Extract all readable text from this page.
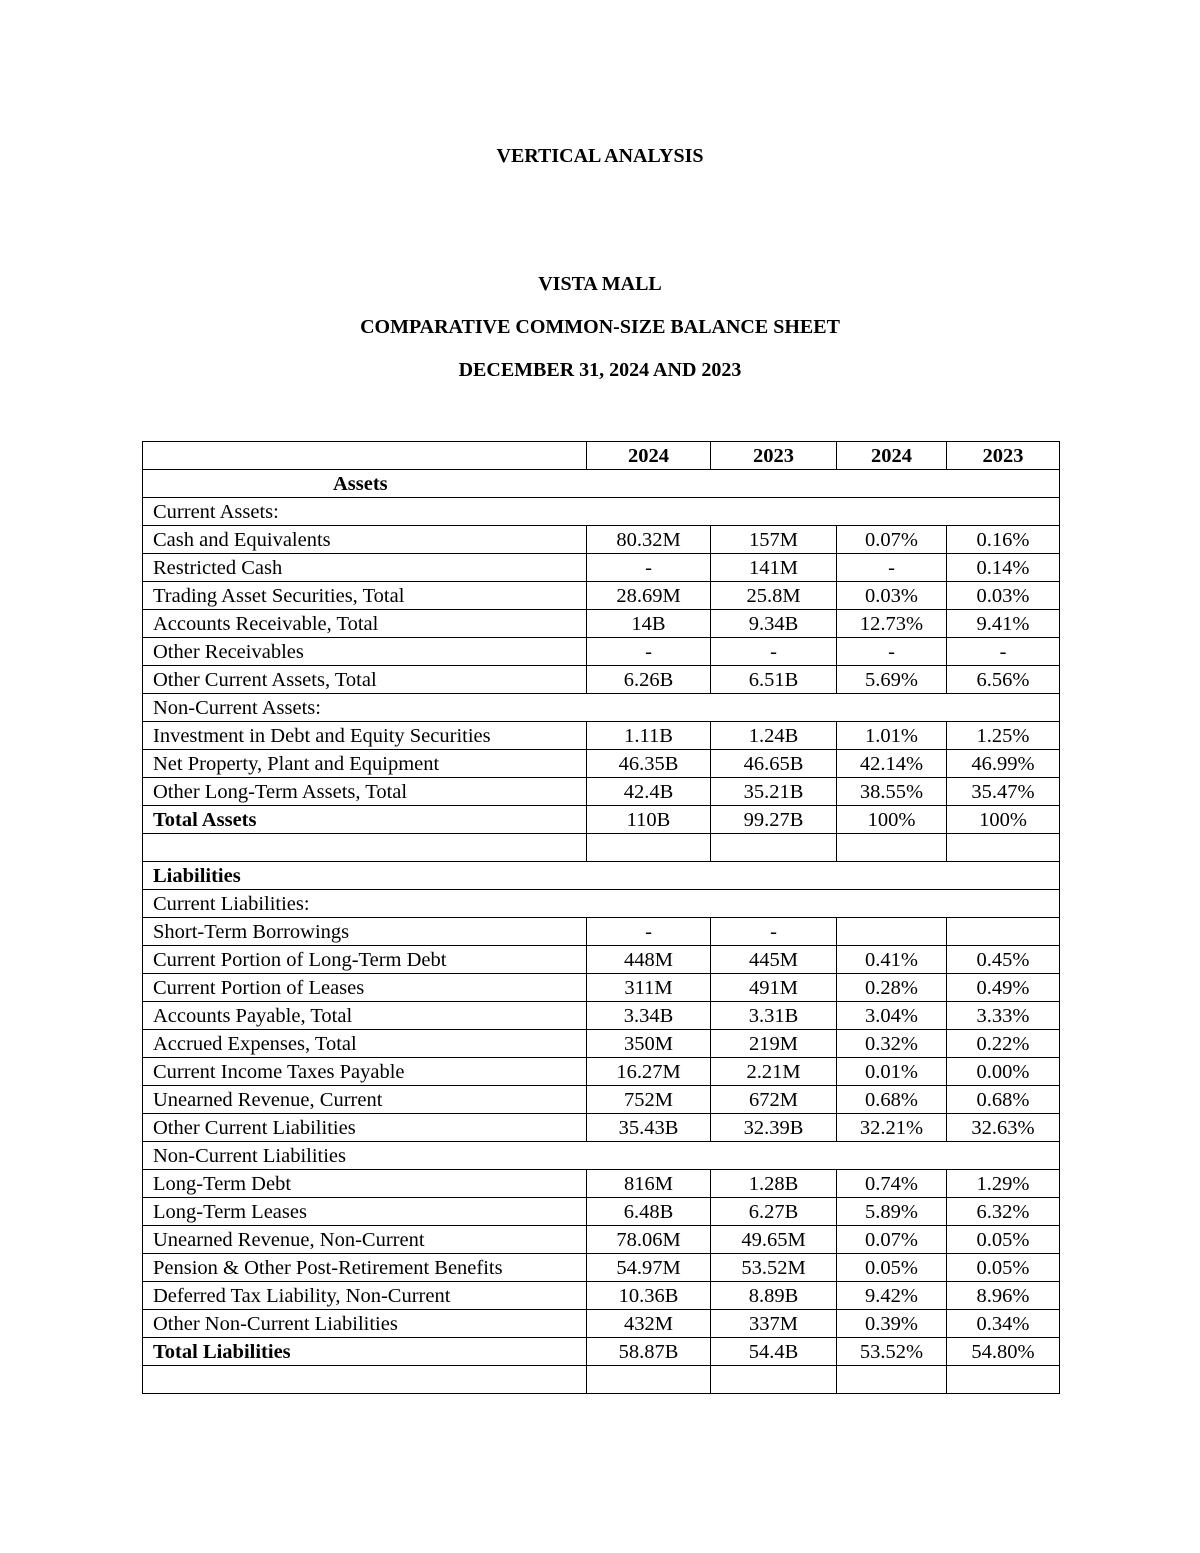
VERTICAL ANALYSIS
VISTA MALL
COMPARATIVE COMMON-SIZE BALANCE SHEET
DECEMBER 31, 2024 AND 2023
	2024	2023	2024	2023
Assets				
Current Assets:				
Cash and Equivalents	80.32M	157M	0.07%	0.16%
Restricted Cash	-	141M	-	0.14%
Trading Asset Securities, Total	28.69M	25.8M	0.03%	0.03%
Accounts Receivable, Total	14B	9.34B	12.73%	9.41%
Other Receivables	-	-	-	-
Other Current Assets, Total	6.26B	6.51B	5.69%	6.56%
Non-Current Assets:				
Investment in Debt and Equity Securities	1.11B	1.24B	1.01%	1.25%
Net Property, Plant and Equipment	46.35B	46.65B	42.14%	46.99%
Other Long-Term Assets, Total	42.4B	35.21B	38.55%	35.47%
Total Assets	110B	99.27B	100%	100%

Liabilities				
Current Liabilities:				
Short-Term Borrowings	-	-		
Current Portion of Long-Term Debt	448M	445M	0.41%	0.45%
Current Portion of Leases	311M	491M	0.28%	0.49%
Accounts Payable, Total	3.34B	3.31B	3.04%	3.33%
Accrued Expenses, Total	350M	219M	0.32%	0.22%
Current Income Taxes Payable	16.27M	2.21M	0.01%	0.00%
Unearned Revenue, Current	752M	672M	0.68%	0.68%
Other Current Liabilities	35.43B	32.39B	32.21%	32.63%
Non-Current Liabilities				
Long-Term Debt	816M	1.28B	0.74%	1.29%
Long-Term Leases	6.48B	6.27B	5.89%	6.32%
Unearned Revenue, Non-Current	78.06M	49.65M	0.07%	0.05%
Pension & Other Post-Retirement Benefits	54.97M	53.52M	0.05%	0.05%
Deferred Tax Liability, Non-Current	10.36B	8.89B	9.42%	8.96%
Other Non-Current Liabilities	432M	337M	0.39%	0.34%
Total Liabilities	58.87B	54.4B	53.52%	54.80%
